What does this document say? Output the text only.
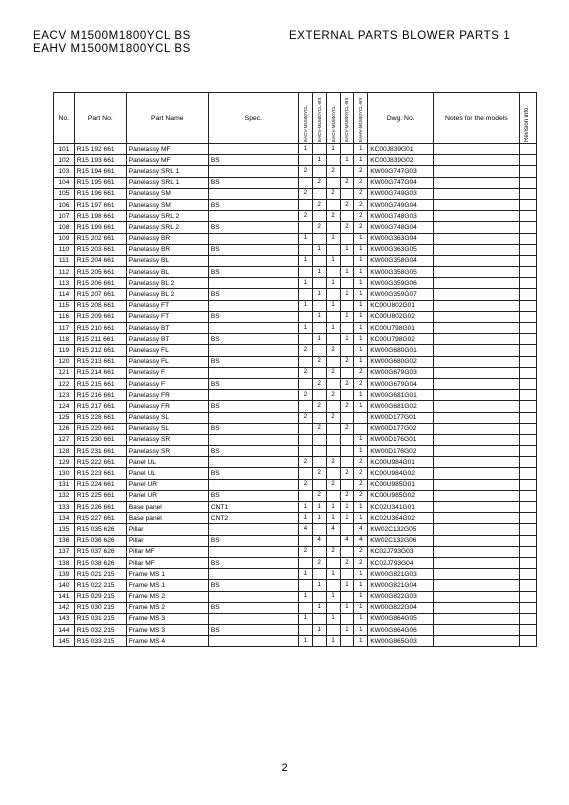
EACV M1500M1800YCL BS
EAHV M1500M1800YCL BS
EXTERNAL PARTS BLOWER PARTS 1
No.	Part No.	Part Name	Spec.	EACV-M1500YCL	EACV-M1500YCL-BS	EACV-M1800YCL	EACV-M1800YCL-BS	EAHV-M1500YCL-BS	Dwg. No.	Notes for the models	Revision info.

101	R15 192 661	Panelassy MF		1		1		1	KC00J839G01		
102	R15 193 661	Panelassy MF	BS		1		1	1	KC00J839G02		
103	R15 194 661	Panelassy SRL 1		2		2		2	KW00G747G03		
104	R15 195 661	Panelassy SRL 1	BS		2		2	2	KW00G747G04		
105	R15 196 661	Panelassy SM		2		2		2	KW00G749G03		
106	R15 197 661	Panelassy SM	BS		2		2	2	KW00G749G04		
107	R15 198 661	Panelassy SRL 2		2		2		2	KW00G748G03		
108	R15 199 661	Panelassy SRL 2	BS		2		2	2	KW00G748G04		
109	R15 202 661	Panelassy BR		1		1		1	KW00G363G04		
110	R15 203 661	Panelassy BR	BS		1		1	1	KW00G363G05		
111	R15 204 661	Panelassy BL		1		1		1	KW00G358G04		
112	R15 205 661	Panelassy BL	BS		1		1	1	KW00G358G05		
113	R15 206 661	Panelassy BL 2		1		1		1	KW00G359G06		
114	R15 207 661	Panelassy BL 2	BS		1		1	1	KW00G359G07		
115	R15 208 661	Panelassy FT		1		1		1	KC00U802G01		
116	R15 209 661	Panelassy FT	BS		1		1	1	KC00U802G02		
117	R15 210 661	Panelassy BT		1		1		1	KC00U798G01		
118	R15 211 661	Panelassy BT	BS		1		1	1	KC00U798G02		
119	R15 212 661	Panelassy FL		2		2		1	KW00G680G01		
120	R15 213 661	Panelassy FL	BS		2		2	1	KW00G680G02		
121	R15 214 661	Panelassy F		2		2		2	KW00G679G03		
122	R15 215 661	Panelassy F	BS		2		2	2	KW00G679G04		
123	R15 216 661	Panelassy FR		2		2		1	KW00G681G01		
124	R15 217 661	Panelassy FR	BS		2		2	1	KW00G681G02		
125	R15 228 661	Panelassy SL		2		2			KW00D177G01		
126	R15 229 661	Panelassy SL	BS		2		2		KW00D177G02		
127	R15 230 661	Panelassy SR						1	KW00D176G01		
128	R15 231 661	Panelassy SR	BS					1	KW00D176G02		
129	R15 222 661	Panel UL		2		2		2	KC00U984G01		
130	R15 223 661	Panel UL	BS		2		2	2	KC00U984G02		
131	R15 224 661	Panel UR		2		2		2	KC00U985G01		
132	R15 225 661	Panel UR	BS		2		2	2	KC00U985G02		
133	R15 226 661	Base panel	CNT1	1	1	1	1	1	KC02U341G01		
134	R15 227 661	Base panel	CNT2	1	1	1	1	1	KC02U364G02		
135	R15 035 626	Pillar		4		4		4	KW02C132G05		
136	R15 036 626	Pillar	BS		4		4	4	KW02C132G06		
137	R15 037 626	Pillar MF		2		2		2	KC02J793G03		
138	R15 038 626	Pillar MF	BS		2		2	2	KC02J793G04		
139	R15 021 215	Frame MS 1		1		1		1	KW00G821G03		
140	R15 022 215	Frame MS 1	BS		1		1	1	KW00G821G04		
141	R15 029 215	Frame MS 2		1		1		1	KW00G822G03		
142	R15 030 215	Frame MS 2	BS		1		1	1	KW00G822G04		
143	R15 031 215	Frame MS 3		1		1		1	KW00G864G05		
144	R15 032 215	Frame MS 3	BS		1		1	1	KW00G864G06		
145	R15 033 215	Frame MS 4		1		1		1	KW00G865G03		
2
